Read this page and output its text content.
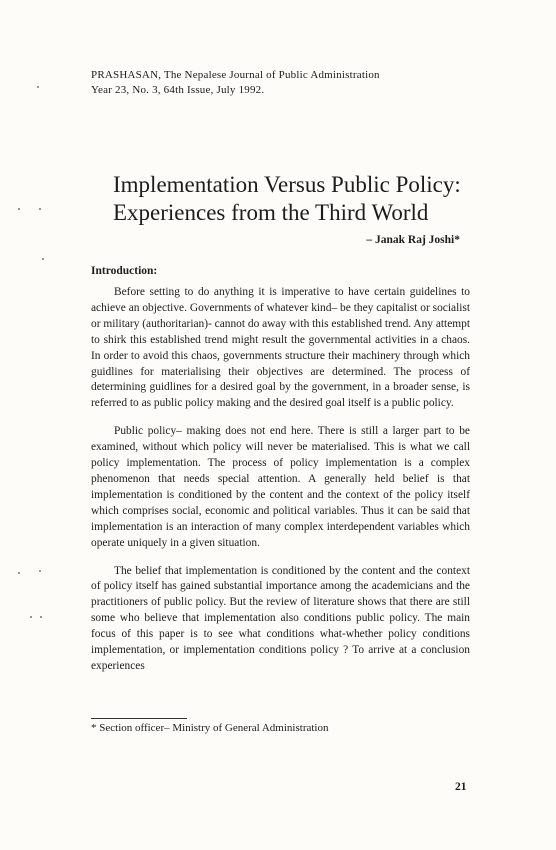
PRASHASAN, The Nepalese Journal of Public Administration
Year 23, No. 3, 64th Issue, July 1992.
Implementation Versus Public Policy:
Experiences from the Third World
– Janak Raj Joshi*
Introduction:

Before setting to do anything it is imperative to have certain guidelines to achieve an objective. Governments of whatever kind– be they capitalist or socialist or military (authoritarian)- cannot do away with this established trend. Any attempt to shirk this established trend might result the governmental activities in a chaos. In order to avoid this chaos, governments structure their machinery through which guidlines for materialising their objectives are determined. The process of determining guidlines for a desired goal by the government, in a broader sense, is referred to as public policy making and the desired goal itself is a public policy.

Public policy– making does not end here. There is still a larger part to be examined, without which policy will never be materialised. This is what we call policy implementation. The process of policy implementation is a complex phenomenon that needs special attention. A generally held belief is that implementation is conditioned by the content and the context of the policy itself which comprises social, economic and political variables. Thus it can be said that implementation is an interaction of many complex interdependent variables which operate uniquely in a given situation.

The belief that implementation is conditioned by the content and the context of policy itself has gained substantial importance among the academicians and the practitioners of public policy. But the review of literature shows that there are still some who believe that implementation also conditions public policy. The main focus of this paper is to see what conditions what-whether policy conditions implementation, or implementation conditions policy ? To arrive at a conclusion experiences

* Section officer– Ministry of General Administration
21
